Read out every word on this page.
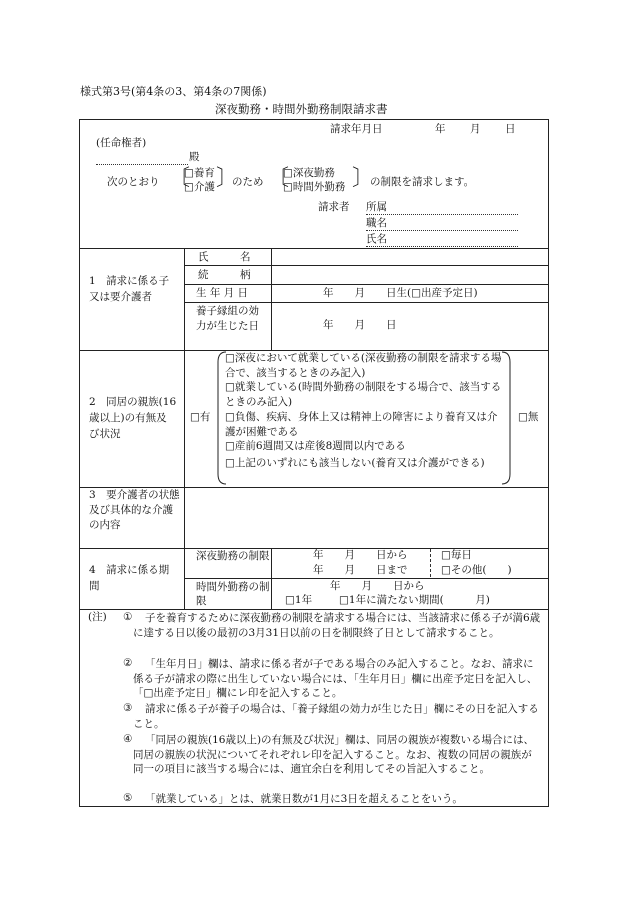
様式第3号(第4条の3、第4条の7関係)
深夜勤務・時間外勤務制限請求書
請求年月日	年 月 日
(任命権者)
殿
次のとおり 〔 □ 養育
□ 介護 〕
のため 〔 □ 深夜勤務
□ 時間外勤務 〕
の制限を請求します。
請求者 所属
職名
氏名
1　請求に係る子又は要介護者
氏　　　名
続　　　柄
生 年 月 日	年　　月　　日生(□出産予定日)
養子縁組の効力が生じた日	年　　月　　日
2　同居の親族(16歳以上)の有無及び状況
□ 有	□ 無
□ 深夜において就業している(深夜勤務の制限を請求する場合で、該当するときのみ記入)
□ 就業している(時間外勤務の制限をする場合で、該当するときのみ記入)
□ 負傷、疾病、身体上又は精神上の障害により養育又は介護が困難である
□ 産前6週間又は産後8週間以内である
□ 上記のいずれにも該当しない(養育又は介護ができる)
3　要介護者の状態及び具体的な介護の内容
4　請求に係る期間
深夜勤務の制限	年　　月　　日から
年　　月　　日まで
□ 毎日
□ その他(　　)
時間外勤務の制限
年　　月　　日から
□ 1年	□ 1年に満たない期間(　　　月)
(注) ①	子を養育するために深夜勤務の制限を請求する場合には、当該請求に係る子が満6歳に達する日以後の最初の3月31日以前の日を制限終了日として請求すること。
②	「生年月日」欄は、請求に係る者が子である場合のみ記入すること。なお、請求に係る子が請求の際に出生していない場合には、「生年月日」欄に出産予定日を記入し、「□出産予定日」欄にレ印を記入すること。
③	請求に係る子が養子の場合は、「養子縁組の効力が生じた日」欄にその日を記入すること。
④	「同居の親族(16歳以上)の有無及び状況」欄は、同居の親族が複数いる場合には、同居の親族の状況についてそれぞれレ印を記入すること。なお、複数の同居の親族が同一の項目に該当する場合には、適宜余白を利用してその旨記入すること。
⑤	「就業している」とは、就業日数が1月に3日を超えることをいう。
